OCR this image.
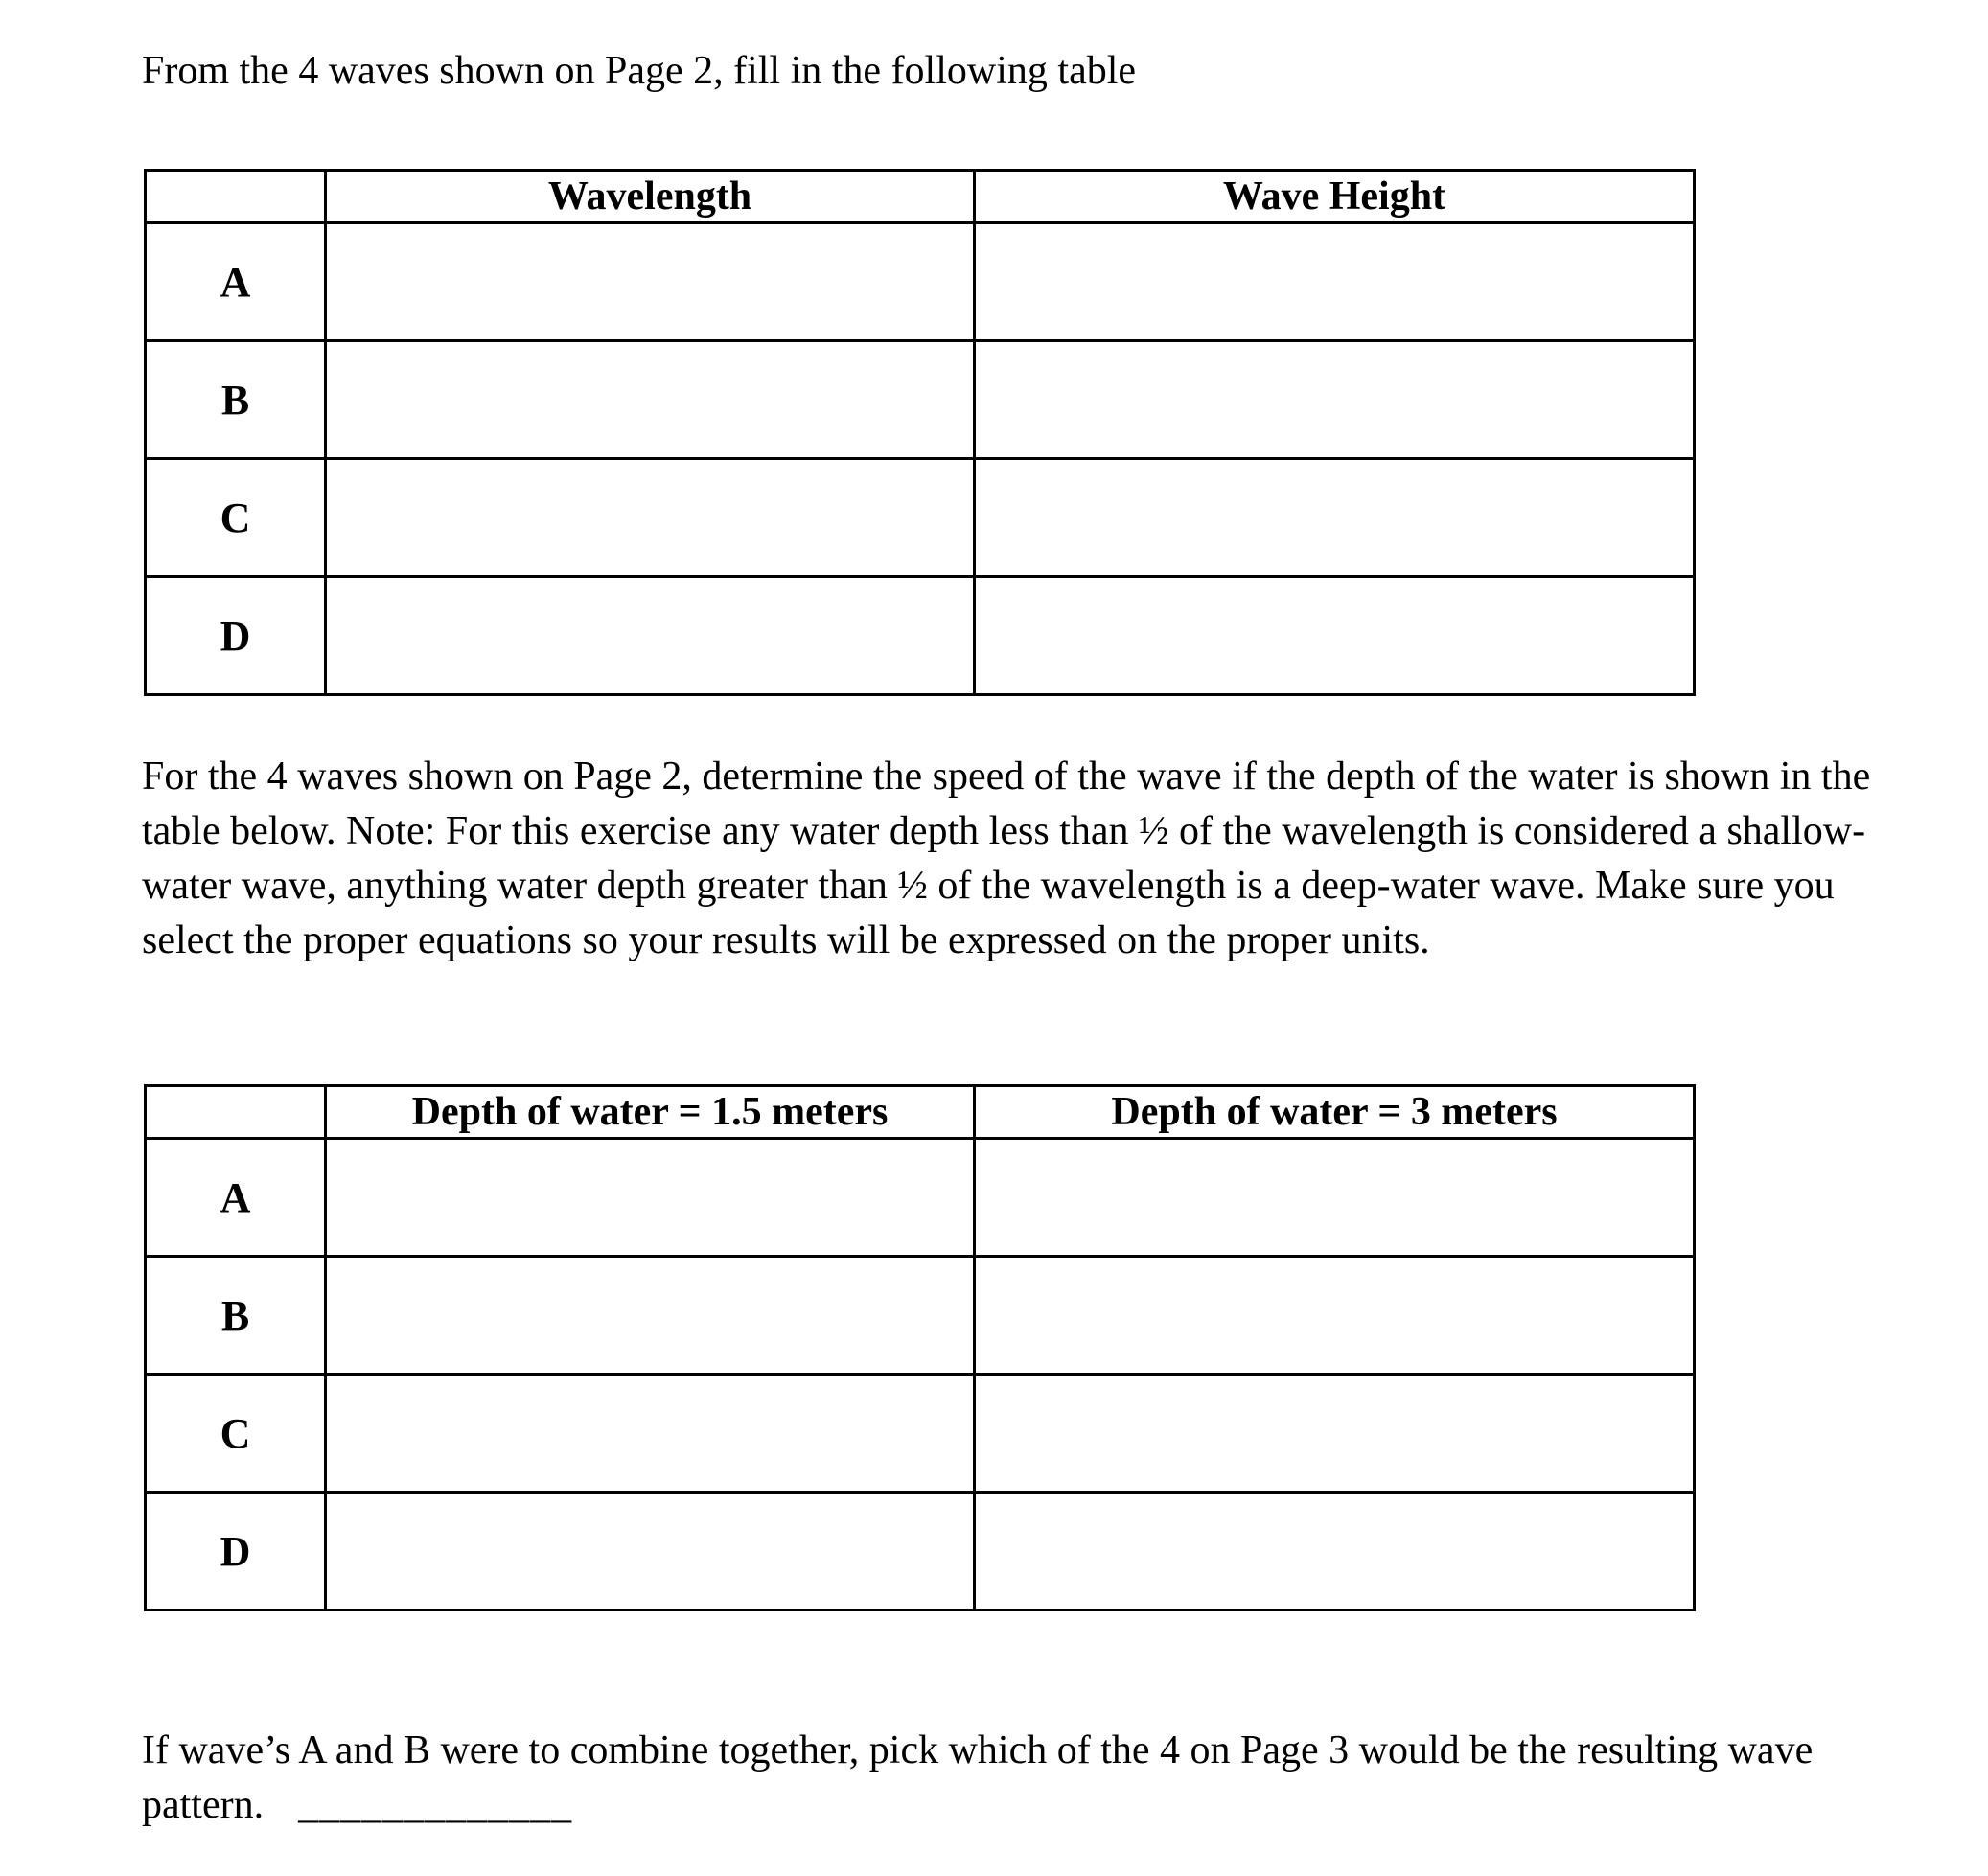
From the 4 waves shown on Page 2, fill in the following table
	Wavelength	Wave Height
A		
B		
C		
D		
For the 4 waves shown on Page 2, determine the speed of the wave if the depth of the water is shown in the table below. Note: For this exercise any water depth less than ½ of the wavelength is considered a shallow-water wave, anything water depth greater than ½ of the wavelength is a deep-water wave. Make sure you select the proper equations so your results will be expressed on the proper units.
	Depth of water = 1.5 meters	Depth of water = 3 meters
A		
B		
C		
D		
If wave’s A and B were to combine together, pick which of the 4 on Page 3 would be the resulting wave pattern. _____________
